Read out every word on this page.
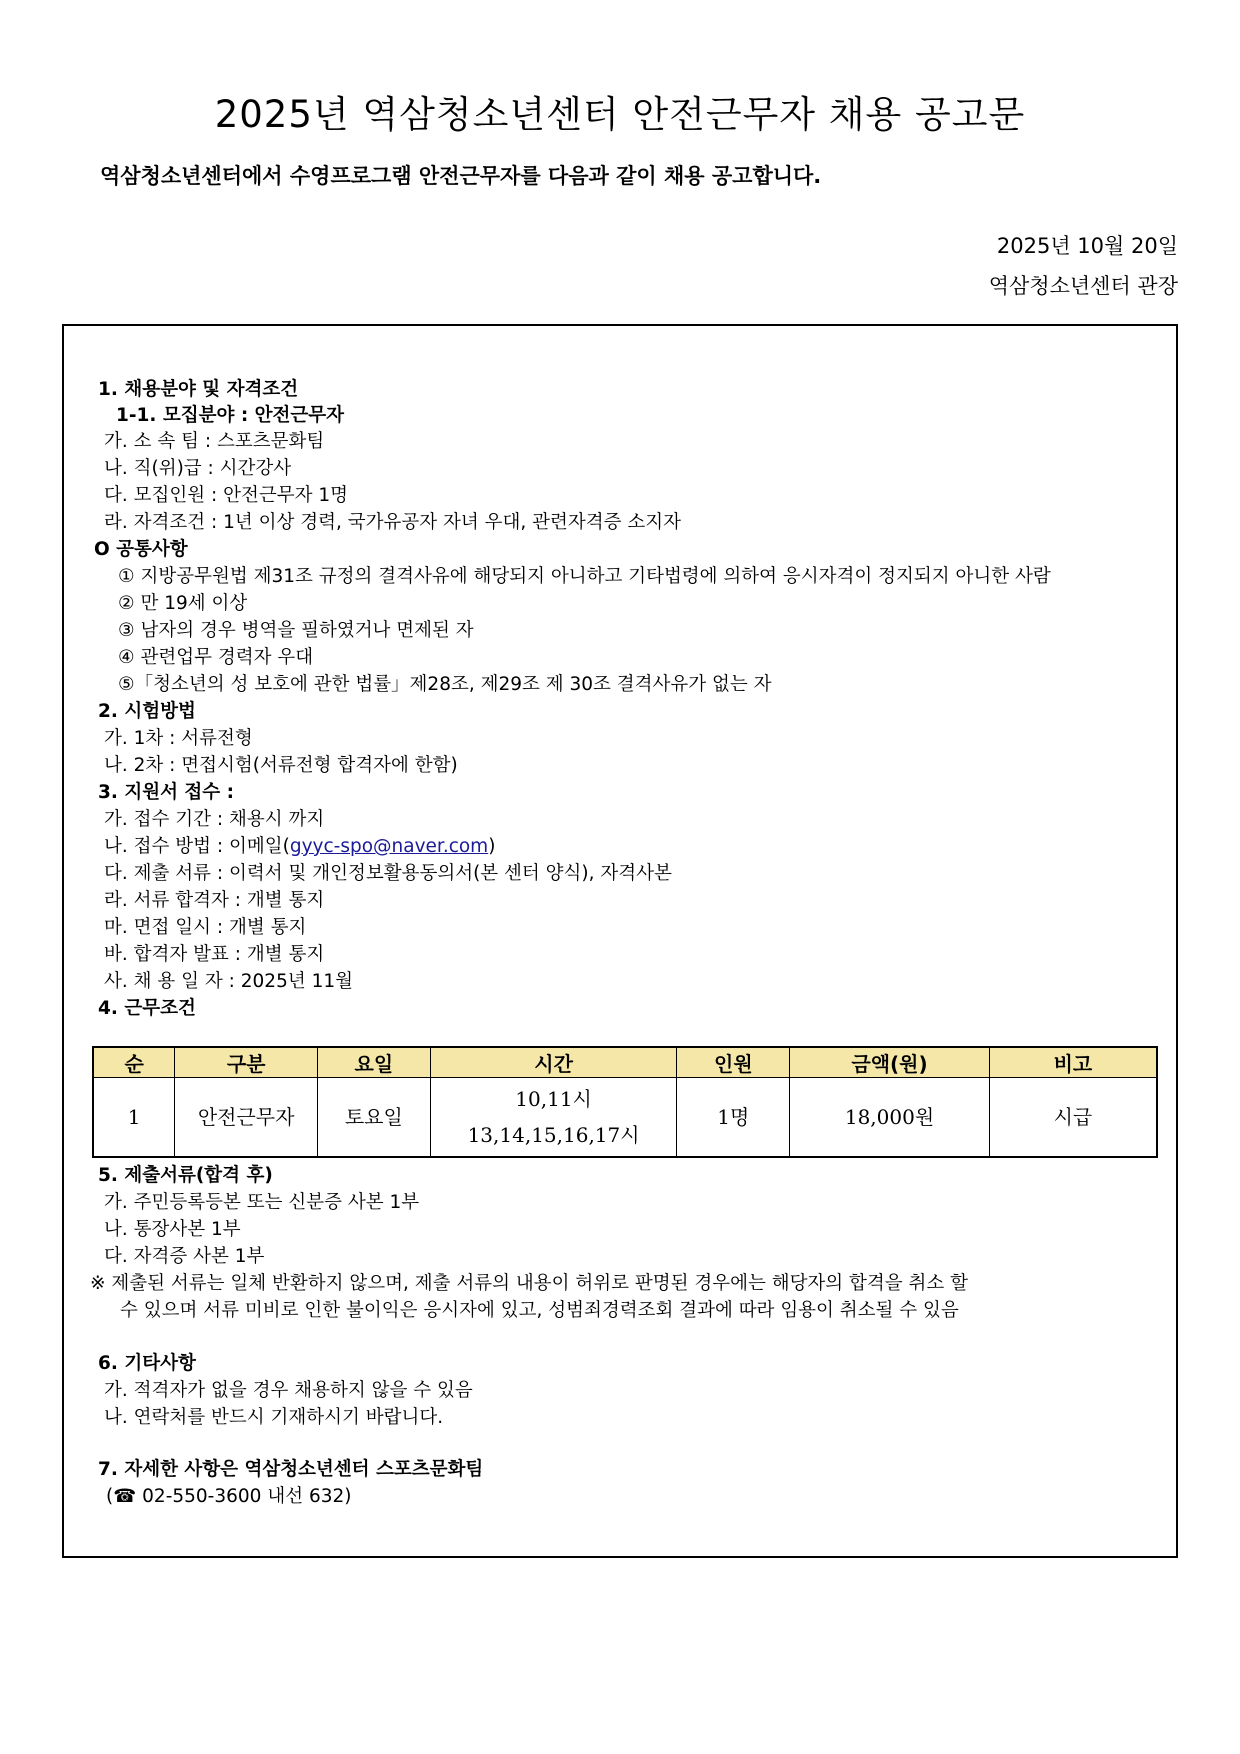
2025년 역삼청소년센터 안전근무자 채용 공고문
역삼청소년센터에서 수영프로그램 안전근무자를 다음과 같이 채용 공고합니다.
2025년 10월 20일
역삼청소년센터 관장
1. 채용분야 및 자격조건
1-1. 모집분야 : 안전근무자
가. 소 속 팀 : 스포츠문화팀
나. 직(위)급 : 시간강사
다. 모집인원 : 안전근무자 1명
라. 자격조건 : 1년 이상 경력, 국가유공자 자녀 우대, 관련자격증 소지자
O 공통사항
① 지방공무원법 제31조 규정의 결격사유에 해당되지 아니하고 기타법령에 의하여 응시자격이 정지되지 아니한 사람
② 만 19세 이상
③ 남자의 경우 병역을 필하였거나 면제된 자
④ 관련업무 경력자 우대
⑤「청소년의 성 보호에 관한 법률」제28조, 제29조 제 30조 결격사유가 없는 자
2. 시험방법
가. 1차 : 서류전형
나. 2차 : 면접시험(서류전형 합격자에 한함)
3. 지원서 접수 :
가. 접수 기간 : 채용시 까지
나. 접수 방법 : 이메일(gyyc-spo@naver.com)
다. 제출 서류 : 이력서 및 개인정보활용동의서(본 센터 양식), 자격사본
라. 서류 합격자 : 개별 통지
마. 면접 일시 : 개별 통지
바. 합격자 발표 : 개별 통지
사. 채 용 일 자 : 2025년 11월
4. 근무조건
순	구분	요일	시간	인원	금액(원)	비고
1	안전근무자	토요일	10,11시
13,14,15,16,17시	1명	18,000원	시급
5. 제출서류(합격 후)
가. 주민등록등본 또는 신분증 사본 1부
나. 통장사본 1부
다. 자격증 사본 1부
※ 제출된 서류는 일체 반환하지 않으며, 제출 서류의 내용이 허위로 판명된 경우에는 해당자의 합격을 취소 할
수 있으며 서류 미비로 인한 불이익은 응시자에 있고, 성범죄경력조회 결과에 따라 임용이 취소될 수 있음
6. 기타사항
가. 적격자가 없을 경우 채용하지 않을 수 있음
나. 연락처를 반드시 기재하시기 바랍니다.
7. 자세한 사항은 역삼청소년센터 스포츠문화팀
(☎ 02-550-3600 내선 632)
